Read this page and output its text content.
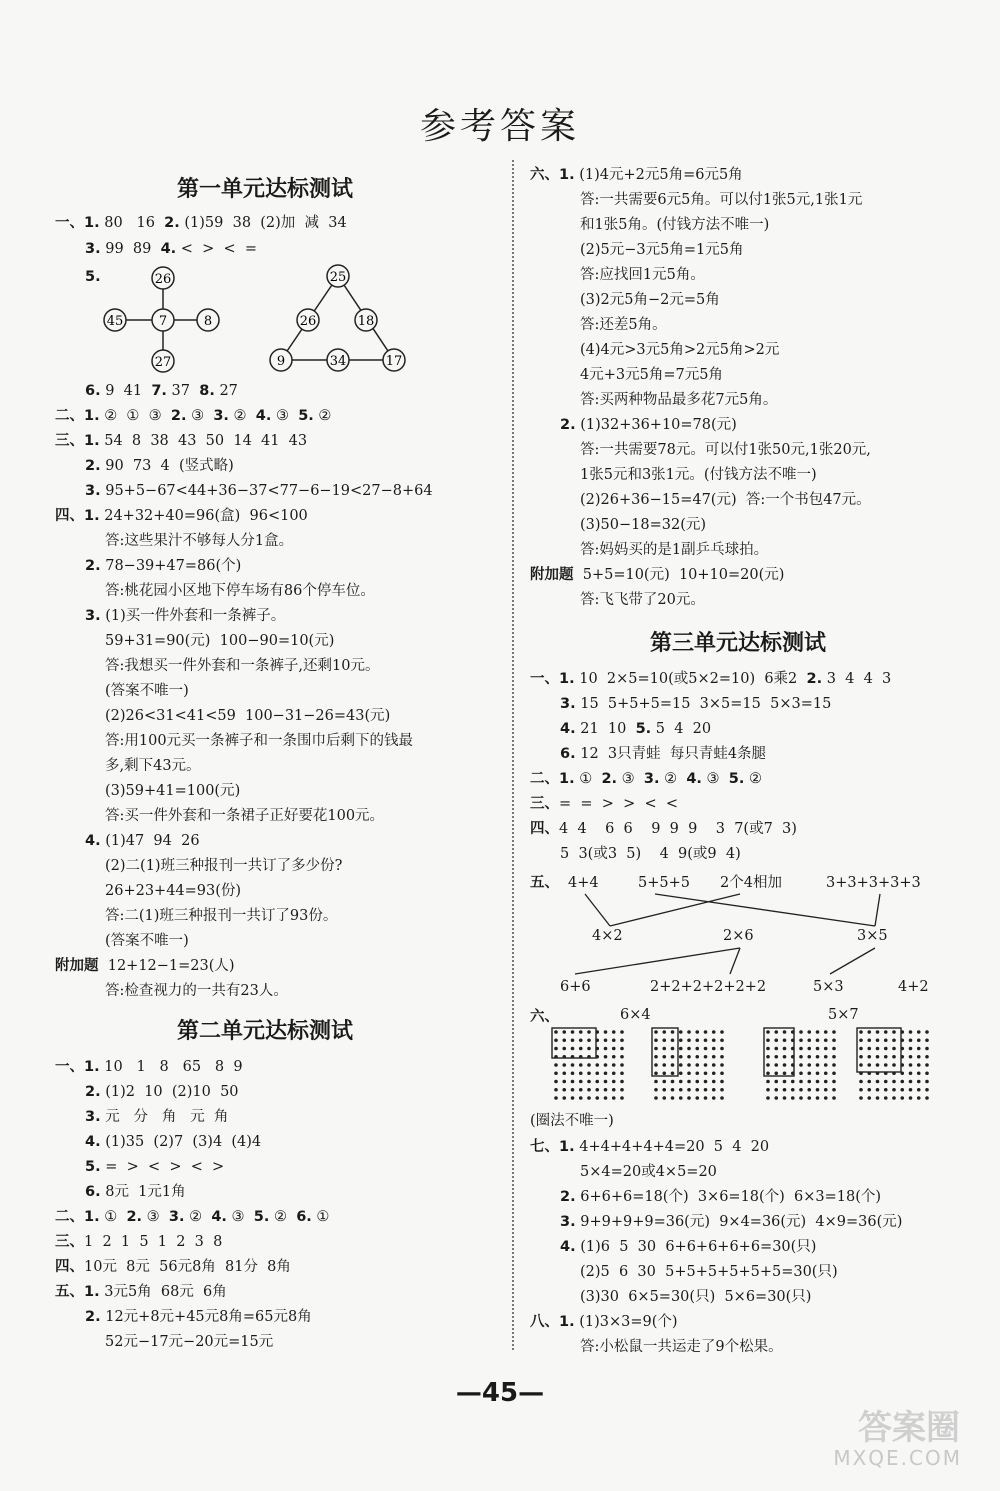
参考答案
第一单元达标测试
一、1. 80   16  2. (1)59  38  (2)加  减  34
3. 99  89  4. <  >  <  =
5.	26
45	7	8
27
25
26	18
9	34	17
6. 9  41  7. 37  8. 27
二、1. ②  ①  ③  2. ③  3. ②  4. ③  5. ②
三、1. 54  8  38  43  50  14  41  43
2. 90  73  4  (竖式略)
3. 95+5−67<44+36−37<77−6−19<27−8+64
四、1. 24+32+40=96(盒)  96<100
答:这些果汁不够每人分1盒。
2. 78−39+47=86(个)
答:桃花园小区地下停车场有86个停车位。
3. (1)买一件外套和一条裤子。
59+31=90(元)  100−90=10(元)
答:我想买一件外套和一条裤子,还剩10元。
(答案不唯一)
(2)26<31<41<59  100−31−26=43(元)
答:用100元买一条裤子和一条围巾后剩下的钱最
多,剩下43元。
(3)59+41=100(元)
答:买一件外套和一条裙子正好要花100元。
4. (1)47  94  26
(2)二(1)班三种报刊一共订了多少份?
26+23+44=93(份)
答:二(1)班三种报刊一共订了93份。
(答案不唯一)
附加题  12+12−1=23(人)
答:检查视力的一共有23人。
第二单元达标测试
一、1. 10   1   8   65   8  9
2. (1)2  10  (2)10  50
3. 元   分   角   元  角
4. (1)35  (2)7  (3)4  (4)4
5. =  >  <  >  <  >
6. 8元  1元1角
二、1. ①  2. ③  3. ②  4. ③  5. ②  6. ①
三、1  2  1  5  1  2  3  8
四、10元  8元  56元8角  81分  8角
五、1. 3元5角  68元  6角
2. 12元+8元+45元8角=65元8角
52元−17元−20元=15元
六、1. (1)4元+2元5角=6元5角
答:一共需要6元5角。可以付1张5元,1张1元
和1张5角。(付钱方法不唯一)
(2)5元−3元5角=1元5角
答:应找回1元5角。
(3)2元5角−2元=5角
答:还差5角。
(4)4元>3元5角>2元5角>2元
4元+3元5角=7元5角
答:买两种物品最多花7元5角。
2. (1)32+36+10=78(元)
答:一共需要78元。可以付1张50元,1张20元,
1张5元和3张1元。(付钱方法不唯一)
(2)26+36−15=47(元)  答:一个书包47元。
(3)50−18=32(元)
答:妈妈买的是1副乒乓球拍。
附加题  5+5=10(元)  10+10=20(元)
答:飞飞带了20元。
第三单元达标测试
一、1. 10  2×5=10(或5×2=10)  6乘2  2. 3  4  4  3
3. 15  5+5+5=15  3×5=15  5×3=15
4. 21  10  5. 5  4  20
6. 12  3只青蛙  每只青蛙4条腿
二、1. ①  2. ③  3. ②  4. ③  5. ②
三、=  =  >  >  <  <
四、4  4    6  6    9  9  9    3  7(或7  3)
5  3(或3  5)    4  9(或9  4)
五、 4+4	5+5+5 2个4相加	3+3+3+3+3
4×2	2×6	3×5
6+6	2+2+2+2+2+2	5×3	4+2
六、	6×4	5×7
(圈法不唯一)
七、1. 4+4+4+4+4=20  5  4  20
5×4=20或4×5=20
2. 6+6+6=18(个)  3×6=18(个)  6×3=18(个)
3. 9+9+9+9=36(元)  9×4=36(元)  4×9=36(元)
4. (1)6  5  30  6+6+6+6+6=30(只)
(2)5  6  30  5+5+5+5+5+5=30(只)
(3)30  6×5=30(只)  5×6=30(只)
八、1. (1)3×3=9(个)
答:小松鼠一共运走了9个松果。
—45—
答案圈
MXQE.COM
